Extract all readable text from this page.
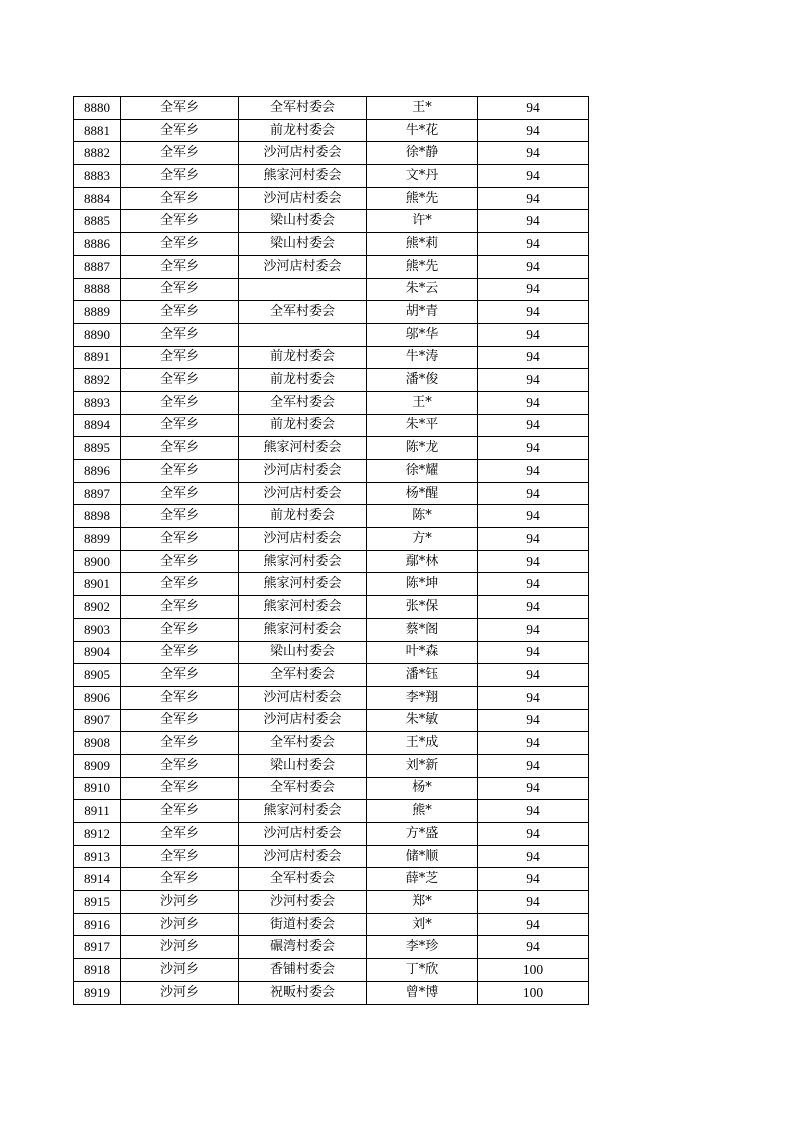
8880	全军乡	全军村委会	王*	94
8881	全军乡	前龙村委会	牛*花	94
8882	全军乡	沙河店村委会	徐*静	94
8883	全军乡	熊家河村委会	文*丹	94
8884	全军乡	沙河店村委会	熊*先	94
8885	全军乡	梁山村委会	许*	94
8886	全军乡	梁山村委会	熊*莉	94
8887	全军乡	沙河店村委会	熊*先	94
8888	全军乡		朱*云	94
8889	全军乡	全军村委会	胡*青	94
8890	全军乡		邬*华	94
8891	全军乡	前龙村委会	牛*涛	94
8892	全军乡	前龙村委会	潘*俊	94
8893	全军乡	全军村委会	王*	94
8894	全军乡	前龙村委会	朱*平	94
8895	全军乡	熊家河村委会	陈*龙	94
8896	全军乡	沙河店村委会	徐*耀	94
8897	全军乡	沙河店村委会	杨*醒	94
8898	全军乡	前龙村委会	陈*	94
8899	全军乡	沙河店村委会	方*	94
8900	全军乡	熊家河村委会	鄢*林	94
8901	全军乡	熊家河村委会	陈*坤	94
8902	全军乡	熊家河村委会	张*保	94
8903	全军乡	熊家河村委会	蔡*阁	94
8904	全军乡	梁山村委会	叶*森	94
8905	全军乡	全军村委会	潘*钰	94
8906	全军乡	沙河店村委会	李*翔	94
8907	全军乡	沙河店村委会	朱*敏	94
8908	全军乡	全军村委会	王*成	94
8909	全军乡	梁山村委会	刘*新	94
8910	全军乡	全军村委会	杨*	94
8911	全军乡	熊家河村委会	熊*	94
8912	全军乡	沙河店村委会	方*盛	94
8913	全军乡	沙河店村委会	储*顺	94
8914	全军乡	全军村委会	薛*芝	94
8915	沙河乡	沙河村委会	郑*	94
8916	沙河乡	街道村委会	刘*	94
8917	沙河乡	碾湾村委会	李*珍	94
8918	沙河乡	香铺村委会	丁*欣	100
8919	沙河乡	祝畈村委会	曾*博	100
